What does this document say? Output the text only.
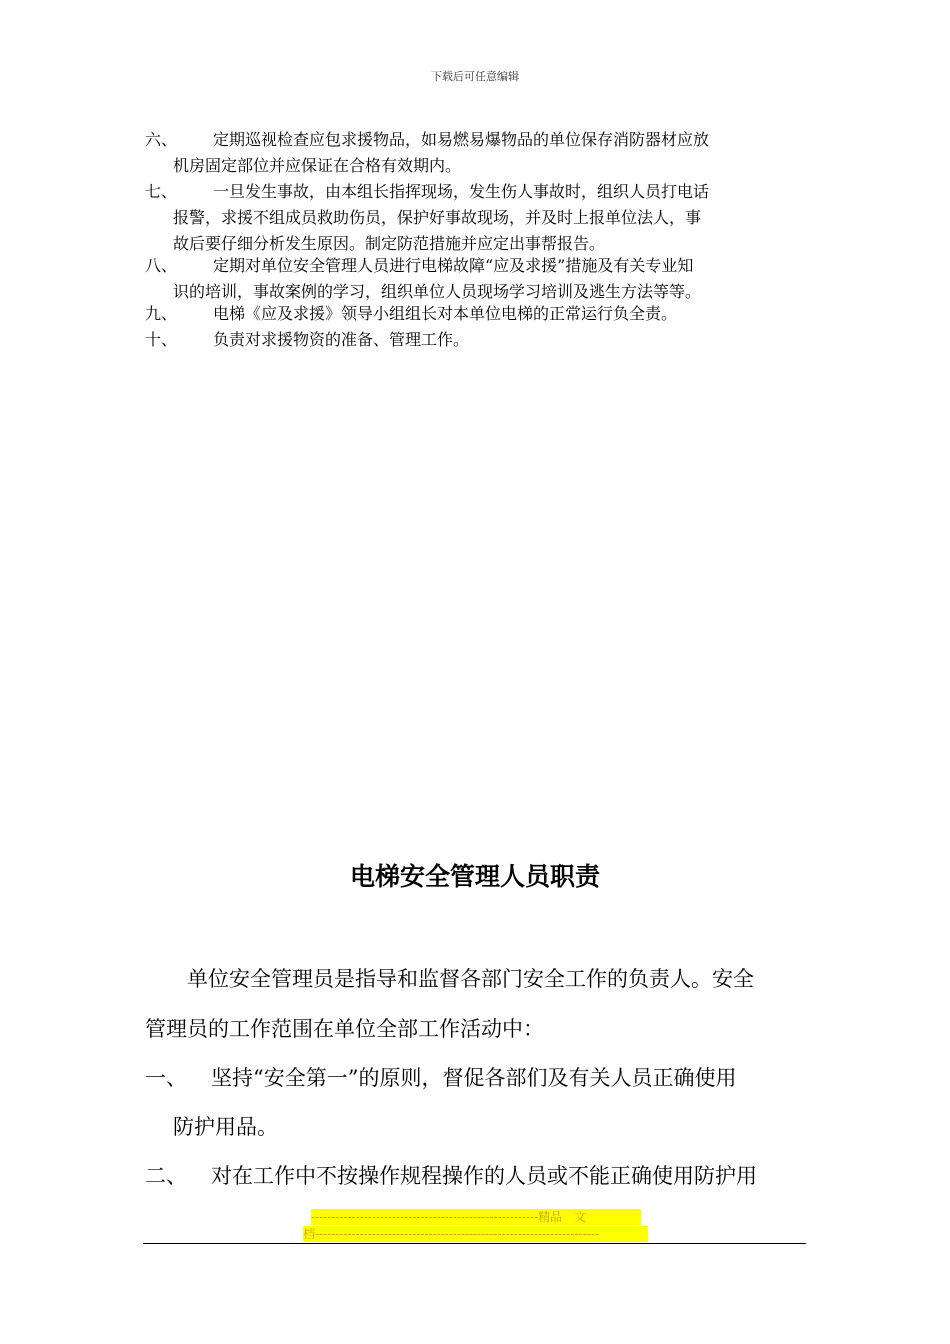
下载后可任意编辑
六、 定期巡视检查应包求援物品，如易燃易爆物品的单位保存消防器材应放
机房固定部位并应保证在合格有效期内。
七、 一旦发生事故，由本组长指挥现场，发生伤人事故时，组织人员打电话
报警，求援不组成员救助伤员，保护好事故现场，并及时上报单位法人，事
故后要仔细分析发生原因。制定防范措施并应定出事帮报告。
八、 定期对单位安全管理人员进行电梯故障“应及求援”措施及有关专业知
识的培训，事故案例的学习，组织单位人员现场学习培训及逃生方法等等。
九、 电梯《应及求援》领导小组组长对本单位电梯的正常运行负全责。
十、 负责对求援物资的准备、管理工作。
电梯安全管理人员职责
单位安全管理员是指导和监督各部门安全工作的负责人。安全
管理员的工作范围在单位全部工作活动中：
一、 坚持“安全第一”的原则，督促各部们及有关人员正确使用
防护用品。
二、 对在工作中不按操作规程操作的人员或不能正确使用防护用
--------------------------------------------------------精品　文
档----------------------------------------------------------------------
